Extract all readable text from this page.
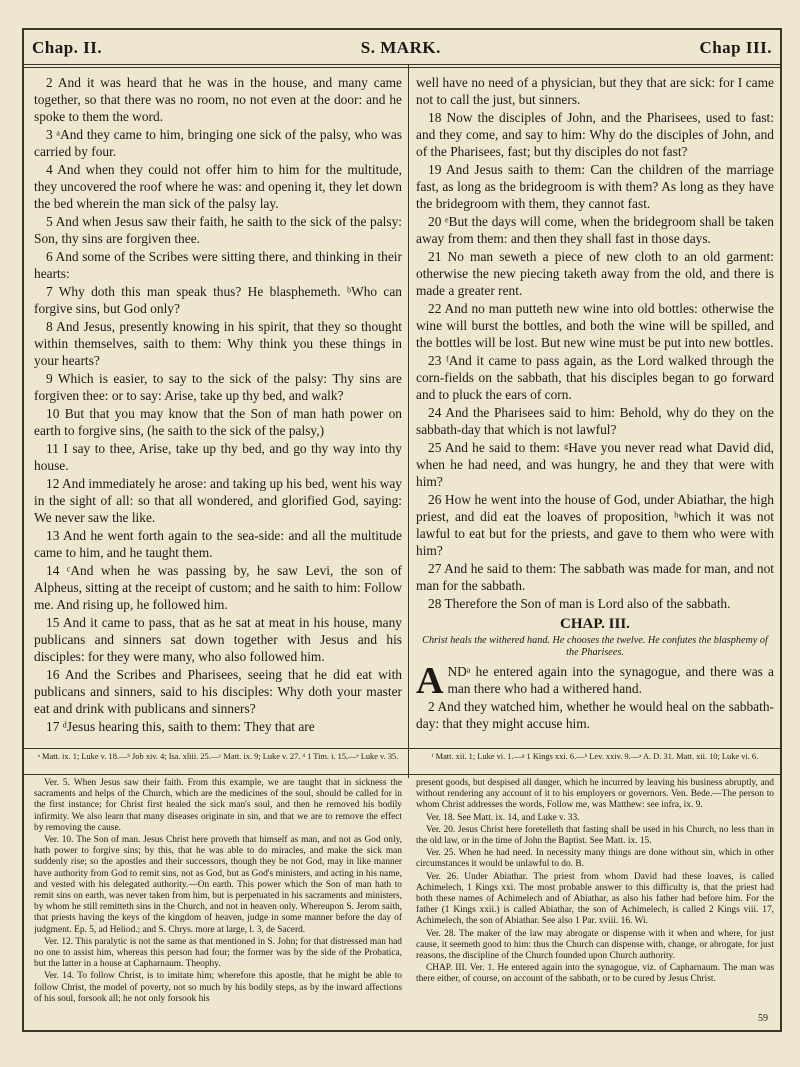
Chap. II.	S. MARK.	Chap III.

2 And it was heard that he was in the house, and many came together, so that there was no room, no not even at the door: and he spoke to them the word.

3 ᵃAnd they came to him, bringing one sick of the palsy, who was carried by four.

4 And when they could not offer him to him for the multitude, they uncovered the roof where he was: and opening it, they let down the bed wherein the man sick of the palsy lay.

5 And when Jesus saw their faith, he saith to the sick of the palsy: Son, thy sins are forgiven thee.

6 And some of the Scribes were sitting there, and thinking in their hearts:

7 Why doth this man speak thus? He blasphemeth. ᵇWho can forgive sins, but God only?

8 And Jesus, presently knowing in his spirit, that they so thought within themselves, saith to them: Why think you these things in your hearts?

9 Which is easier, to say to the sick of the palsy: Thy sins are forgiven thee: or to say: Arise, take up thy bed, and walk?

10 But that you may know that the Son of man hath power on earth to forgive sins, (he saith to the sick of the palsy,)

11 I say to thee, Arise, take up thy bed, and go thy way into thy house.

12 And immediately he arose: and taking up his bed, went his way in the sight of all: so that all wondered, and glorified God, saying: We never saw the like.

13 And he went forth again to the sea-side: and all the multitude came to him, and he taught them.

14 ᶜAnd when he was passing by, he saw Levi, the son of Alpheus, sitting at the receipt of custom; and he saith to him: Follow me. And rising up, he followed him.

15 And it came to pass, that as he sat at meat in his house, many publicans and sinners sat down together with Jesus and his disciples: for they were many, who also followed him.

16 And the Scribes and Pharisees, seeing that he did eat with publicans and sinners, said to his disciples: Why doth your master eat and drink with publicans and sinners?

17 ᵈJesus hearing this, saith to them: They that are

well have no need of a physician, but they that are sick: for I came not to call the just, but sinners.

18 Now the disciples of John, and the Pharisees, used to fast: and they come, and say to him: Why do the disciples of John, and of the Pharisees, fast; but thy disciples do not fast?

19 And Jesus saith to them: Can the children of the marriage fast, as long as the bridegroom is with them? As long as they have the bridegroom with them, they cannot fast.

20 ᵉBut the days will come, when the bridegroom shall be taken away from them: and then they shall fast in those days.

21 No man seweth a piece of new cloth to an old garment: otherwise the new piecing taketh away from the old, and there is made a greater rent.

22 And no man putteth new wine into old bottles: otherwise the wine will burst the bottles, and both the wine will be spilled, and the bottles will be lost. But new wine must be put into new bottles.

23 ᶠAnd it came to pass again, as the Lord walked through the corn-fields on the sabbath, that his disciples began to go forward and to pluck the ears of corn.

24 And the Pharisees said to him: Behold, why do they on the sabbath-day that which is not lawful?

25 And he said to them: ᵍHave you never read what David did, when he had need, and was hungry, he and they that were with him?

26 How he went into the house of God, under Abiathar, the high priest, and did eat the loaves of proposition, ʰwhich it was not lawful to eat but for the priests, and gave to them who were with him?

27 And he said to them: The sabbath was made for man, and not man for the sabbath.

28 Therefore the Son of man is Lord also of the sabbath.

CHAP. III.
Christ heals the withered hand. He chooses the twelve. He confutes the blasphemy of the Pharisees.

ANDᵃ he entered again into the synagogue, and there was a man there who had a withered hand.

2 And they watched him, whether he would heal on the sabbath-day: that they might accuse him.

ᵃ Matt. ix. 1; Luke v. 18.—ᵇ Job xiv. 4; Isa. xliii. 25.—ᶜ Matt. ix. 9; Luke v. 27. ᵈ 1 Tim. i. 15.—ᵉ Luke v. 35.	ᶠ Matt. xii. 1; Luke vi. 1.—ᵍ 1 Kings xxi. 6.—ʰ Lev. xxiv. 9.—ᵃ A. D. 31. Matt. xii. 10; Luke vi. 6.

Ver. 5. When Jesus saw their faith. From this example, we are taught that in sickness the sacraments and helps of the Church, which are the medicines of the soul, should be called for in the first instance; for Christ first healed the sick man's soul, and then he removed his bodily infirmity. We also learn that many diseases originate in sin, and that we are to remove the effect by removing the cause.

Ver. 10. The Son of man. Jesus Christ here proveth that himself as man, and not as God only, hath power to forgive sins; by this, that he was able to do miracles, and make the sick man suddenly rise; so the apostles and their successors, though they be not God, may in like manner have authority from God to remit sins, not as God, but as God's ministers, and acting in his name, and vested with his delegated authority.—On earth. This power which the Son of man hath to remit sins on earth, was never taken from him, but is perpetuated in his sacraments and ministers, by whom he still remitteth sins in the Church, and not in heaven only. Whereupon S. Jerom saith, that priests having the keys of the kingdom of heaven, judge in some manner before the day of judgment. Ep. 5, ad Heliod.; and S. Chrys. more at large, l. 3, de Sacerd.

Ver. 12. This paralytic is not the same as that mentioned in S. John; for that distressed man had no one to assist him, whereas this person had four; the former was by the side of the Probatica, but the latter in a house at Capharnaum. Theophy.

Ver. 14. To follow Christ, is to imitate him; wherefore this apostle, that he might be able to follow Christ, the model of poverty, not so much by his bodily steps, as by the inward affections of his soul, forsook all; he not only forsook his

present goods, but despised all danger, which he incurred by leaving his business abruptly, and without rendering any account of it to his employers or governors. Ven. Bede.—The person to whom Christ addresses the words, Follow me, was Matthew: see infra, ix. 9.

Ver. 18. See Matt. ix. 14, and Luke v. 33.

Ver. 20. Jesus Christ here foretelleth that fasting shall be used in his Church, no less than in the old law, or in the time of John the Baptist. See Matt. ix. 15.

Ver. 25. When he had need. In necessity many things are done without sin, which in other circumstances it would be unlawful to do. B.

Ver. 26. Under Abiathar. The priest from whom David had these loaves, is called Achimelech, 1 Kings xxi. The most probable answer to this difficulty is, that the priest had both these names of Achimelech and of Abiathar, as also his father had before him. For the father (1 Kings xxii.) is called Abiathar, the son of Achimelech, is called 2 Kings viii. 17, Achimelech, the son of Abiathar. See also 1 Par. xviii. 16. Wi.

Ver. 28. The maker of the law may abrogate or dispense with it when and where, for just cause, it seemeth good to him: thus the Church can dispense with, change, or abrogate, for just reasons, the discipline of the Church founded upon Church authority.

CHAP. III. Ver. 1. He entered again into the synagogue, viz. of Capharnaum. The man was there either, of course, on account of the sabbath, or to be cured by Jesus Christ.

59
